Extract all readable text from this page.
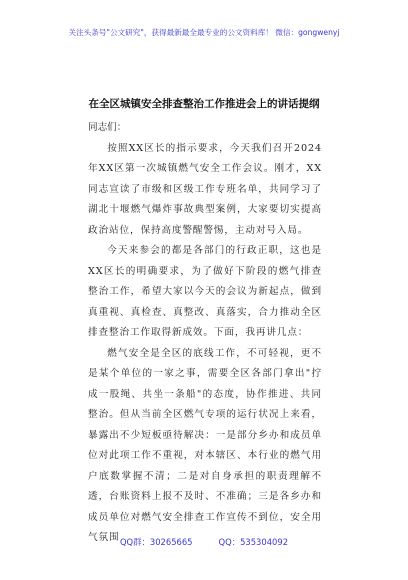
关注头条号"公文研究"，获得最新最全最专业的公文资料库！ 微信：gongwenyj
在全区城镇安全排查整治工作推进会上的讲话提纲

同志们：

按照XX区长的指示要求，今天我们召开2024年XX区第一次城镇燃气安全工作会议。刚才，XX同志宣读了市级和区级工作专班名单，共同学习了湖北十堰燃气爆炸事故典型案例，大家要切实提高政治站位，保持高度警醒警惕，主动对号入局。

今天来参会的都是各部门的行政正职，这也是XX区长的明确要求，为了做好下阶段的燃气排查整治工作，希望大家以今天的会议为新起点，做到真重视、真检查、真整改、真落实，合力推动全区排查整治工作取得新成效。下面，我再讲几点：

燃气安全是全区的底线工作，不可轻视，更不是某个单位的一家之事，需要全区各部门拿出"拧成一股绳、共坐一条船"的态度，协作推进、共同整治。但从当前全区燃气专项的运行状况上来看，暴露出不少短板亟待解决：一是部分乡办和成员单位对此项工作不重视，对本辖区、本行业的燃气用户底数掌握不清；二是对自身承担的职责理解不透，台账资料上报不及时、不准确；三是各乡办和成员单位对燃气安全排查工作宣传不到位，安全用气氛围 QQ群：30265665	QQ：535304092
